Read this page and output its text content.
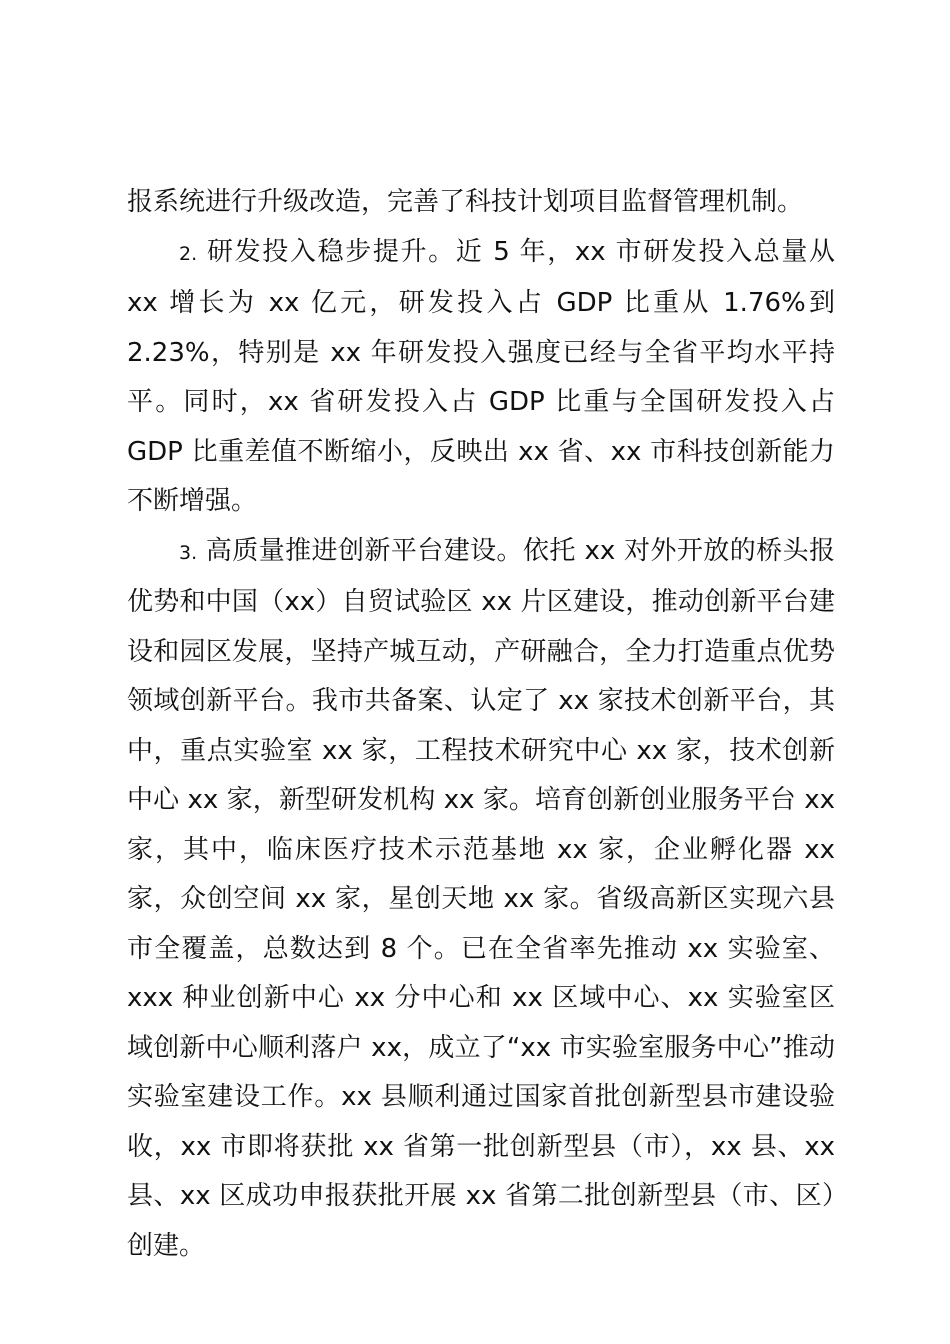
报系统进行升级改造，完善了科技计划项目监督管理机制。

2. 研发投入稳步提升。近 5 年，xx 市研发投入总量从 xx 增长为 xx 亿元，研发投入占 GDP 比重从 1.76%到 2.23%，特别是 xx 年研发投入强度已经与全省平均水平持平。同时，xx 省研发投入占 GDP 比重与全国研发投入占 GDP 比重差值不断缩小，反映出 xx 省、xx 市科技创新能力不断增强。

3. 高质量推进创新平台建设。依托 xx 对外开放的桥头报优势和中国（xx）自贸试验区 xx 片区建设，推动创新平台建设和园区发展，坚持产城互动，产研融合，全力打造重点优势领域创新平台。我市共备案、认定了 xx 家技术创新平台，其中，重点实验室 xx 家，工程技术研究中心 xx 家，技术创新中心 xx 家，新型研发机构 xx 家。培育创新创业服务平台 xx 家，其中，临床医疗技术示范基地 xx 家，企业孵化器 xx 家，众创空间 xx 家，星创天地 xx 家。省级高新区实现六县市全覆盖，总数达到 8 个。已在全省率先推动 xx 实验室、xxx 种业创新中心 xx 分中心和 xx 区域中心、xx 实验室区域创新中心顺利落户 xx，成立了“xx 市实验室服务中心”推动实验室建设工作。xx 县顺利通过国家首批创新型县市建设验收，xx 市即将获批 xx 省第一批创新型县（市），xx 县、xx 县、xx 区成功申报获批开展 xx 省第二批创新型县（市、区）创建。
